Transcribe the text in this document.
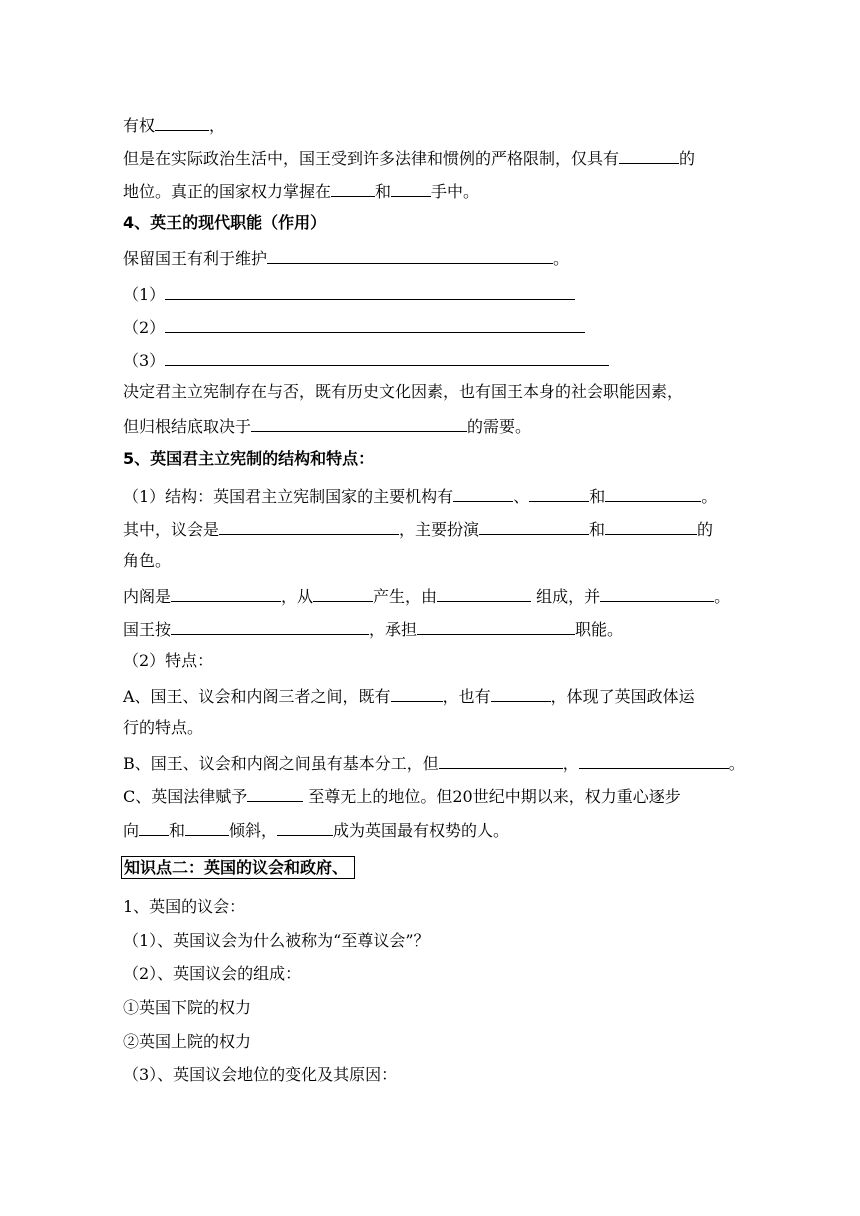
有权	，
但是在实际政治生活中，国王受到许多法律和惯例的严格限制，仅具有	的
地位。真正的国家权力掌握在	和	手中。
4、英王的现代职能（作用）
保留国王有利于维护	。
（1）
（2）
（3）
决定君主立宪制存在与否，既有历史文化因素，也有国王本身的社会职能因素，
但归根结底取决于	的需要。
5、英国君主立宪制的结构和特点：
（1）结构：英国君主立宪制国家的主要机构有	、	和	。
其中，议会是	，主要扮演	和	的
角色。
内阁是	，从	产生，由	组成，并	。
国王按	，承担	职能。
（2）特点：
A、国王、议会和内阁三者之间，既有	，也有	，体现了英国政体运
行的特点。
B、国王、议会和内阁之间虽有基本分工，但	，	。
C、英国法律赋予	至尊无上的地位。但20世纪中期以来，权力重心逐步
向 和	倾斜，	成为英国最有权势的人。
知识点二：英国的议会和政府、
1、英国的议会：
（1）、英国议会为什么被称为“至尊议会”？
（2）、英国议会的组成：
①英国下院的权力
②英国上院的权力
（3）、英国议会地位的变化及其原因：
